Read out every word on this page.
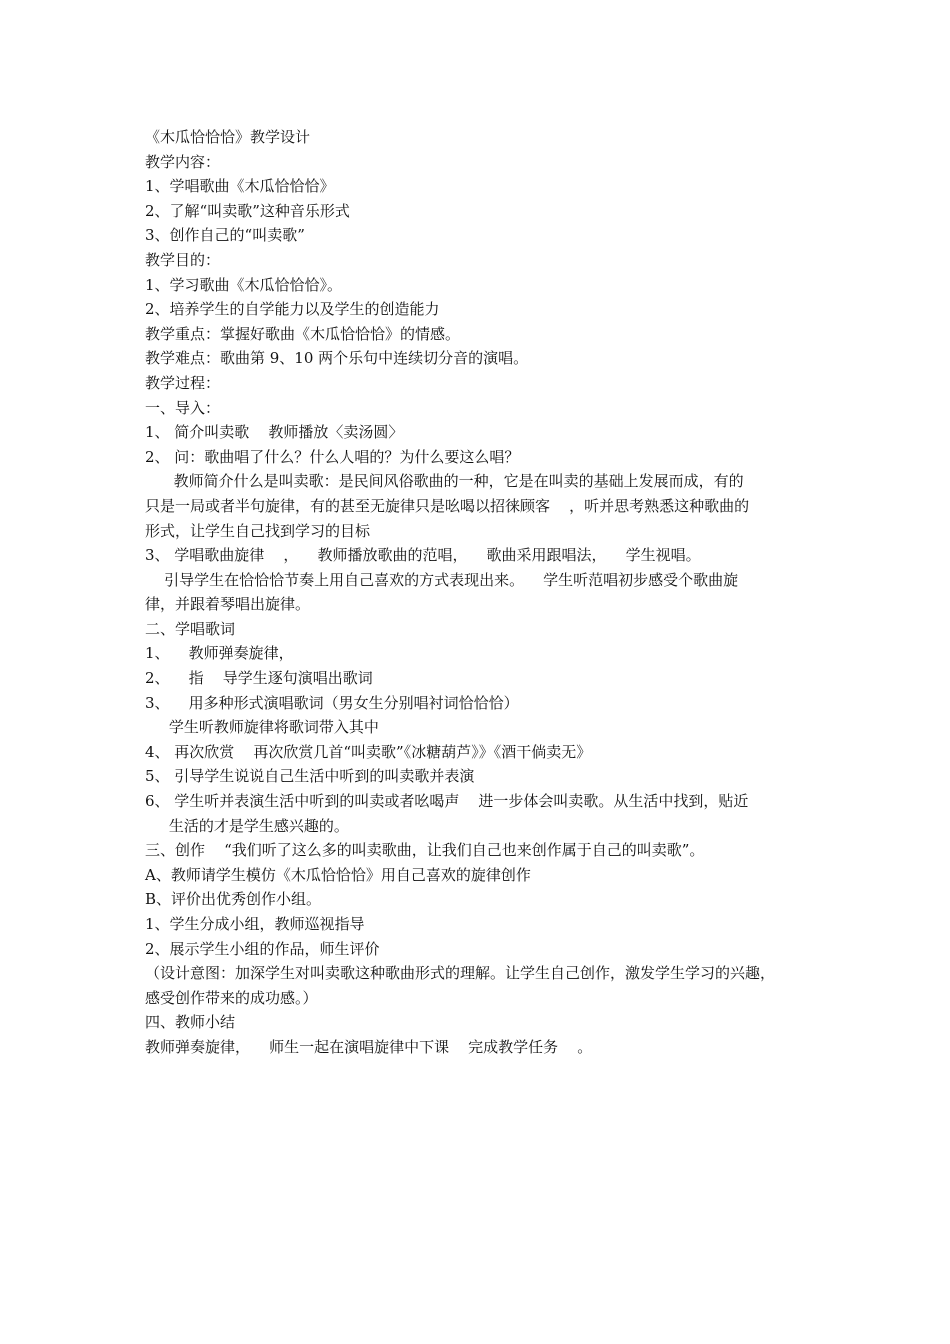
《木瓜恰恰恰》教学设计
教学内容：
1、学唱歌曲《木瓜恰恰恰》
2、了解“叫卖歌”这种音乐形式
3、创作自己的“叫卖歌”
教学目的：
1、学习歌曲《木瓜恰恰恰》。
2、培养学生的自学能力以及学生的创造能力
教学重点：掌握好歌曲《木瓜恰恰恰》的情感。
教学难点：歌曲第 9、10 两个乐句中连续切分音的演唱。
教学过程：
一、导入：
1、 简介叫卖歌    教师播放〈卖汤圆〉
2、 问：歌曲唱了什么？什么人唱的？为什么要这么唱？
教师简介什么是叫卖歌：是民间风俗歌曲的一种，它是在叫卖的基础上发展而成，有的
只是一局或者半句旋律，有的甚至无旋律只是吆喝以招徕顾客    ，听并思考熟悉这种歌曲的
形式，让学生自己找到学习的目标
3、 学唱歌曲旋律    ，    教师播放歌曲的范唱，    歌曲采用跟唱法，    学生视唱。
引导学生在恰恰恰节奏上用自己喜欢的方式表现出来。    学生听范唱初步感受个歌曲旋
律，并跟着琴唱出旋律。
二、学唱歌词
1、    教师弹奏旋律，
2、    指    导学生逐句演唱出歌词
3、    用多种形式演唱歌词（男女生分别唱衬词恰恰恰）
学生听教师旋律将歌词带入其中
4、 再次欣赏    再次欣赏几首“叫卖歌”《冰糖葫芦》》《酒干倘卖无》
5、 引导学生说说自己生活中听到的叫卖歌并表演
6、 学生听并表演生活中听到的叫卖或者吆喝声    进一步体会叫卖歌。从生活中找到，贴近
生活的才是学生感兴趣的。
三、创作    “我们听了这么多的叫卖歌曲，让我们自己也来创作属于自己的叫卖歌”。
A、教师请学生模仿《木瓜恰恰恰》用自己喜欢的旋律创作
B、评价出优秀创作小组。
1、学生分成小组，教师巡视指导
2、展示学生小组的作品，师生评价
（设计意图：加深学生对叫卖歌这种歌曲形式的理解。让学生自己创作，激发学生学习的兴趣，
感受创作带来的成功感。）
四、教师小结
教师弹奏旋律，    师生一起在演唱旋律中下课    完成教学任务    。
